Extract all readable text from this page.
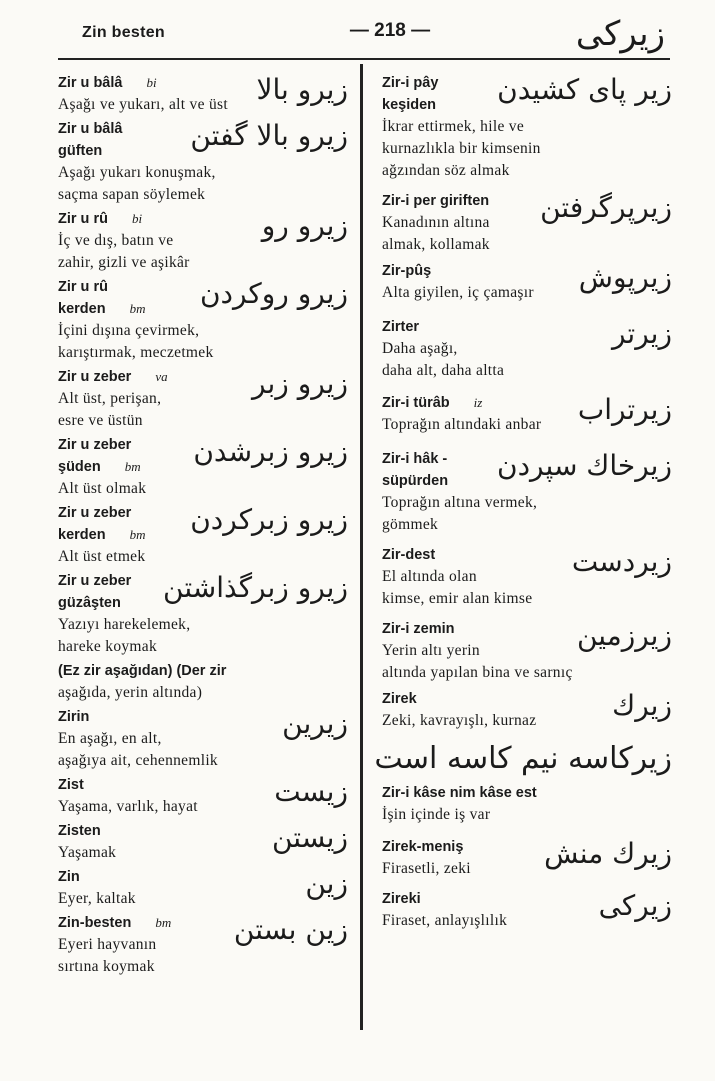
Zin besten	— 218 —	زیرکی
Zir u bâlâ bi	زیرو بالا
Aşağı ve yukarı, alt ve üst
Zir u bâlâ
güften	زیرو بالا گفتن
Aşağı yukarı konuşmak,
saçma sapan söylemek
Zir u rû bi	زیرو رو
İç ve dış, batın ve
zahir, gizli ve aşikâr
Zir u rû
kerden bm	زیرو روکردن
İçini dışına çevirmek,
karıştırmak, meczetmek
Zir u zeber va	زیرو زبر
Alt üst, perişan,
esre ve üstün
Zir u zeber
şüden bm	زیرو زبرشدن
Alt üst olmak
Zir u zeber
kerden bm	زیرو زبرکردن
Alt üst etmek
Zir u zeber
güzâşten	زیرو زبرگذاشتن
Yazıyı harekelemek,
hareke koymak
(Ez zir aşağıdan) (Der zir
aşağıda, yerin altında)
Zirin	زیرین
En aşağı, en alt,
aşağıya ait, cehennemlik
Zist	زیست
Yaşama, varlık, hayat
Zisten	زیستن
Yaşamak
Zin	زین
Eyer, kaltak
Zin-besten bm	زین بستن
Eyeri hayvanın
sırtına koymak
Zir-i pây
keşiden	زیر پای کشیدن
İkrar ettirmek, hile ve
kurnazlıkla bir kimsenin
ağzından söz almak
Zir-i per giriften	زیرپرگرفتن
Kanadının altına
almak, kollamak
Zir-pûş	زیرپوش
Alta giyilen, iç çamaşır
Zirter	زیرتر
Daha aşağı,
daha alt, daha altta
Zir-i türâb iz	زیرتراب
Toprağın altındaki anbar
Zir-i hâk -
süpürden	زیرخاك سپردن
Toprağın altına vermek,
gömmek
Zir-dest	زیردست
El altında olan
kimse, emir alan kimse
Zir-i zemin	زیرزمین
Yerin altı yerin
altında yapılan bina ve sarnıç
Zirek	زیرك
Zeki, kavrayışlı, kurnaz
زیرکاسه نیم کاسه است
Zir-i kâse nim kâse est
İşin içinde iş var
Zirek-meniş	زیرك منش
Firasetli, zeki
Zireki	زیرکی
Firaset, anlayışlılık
